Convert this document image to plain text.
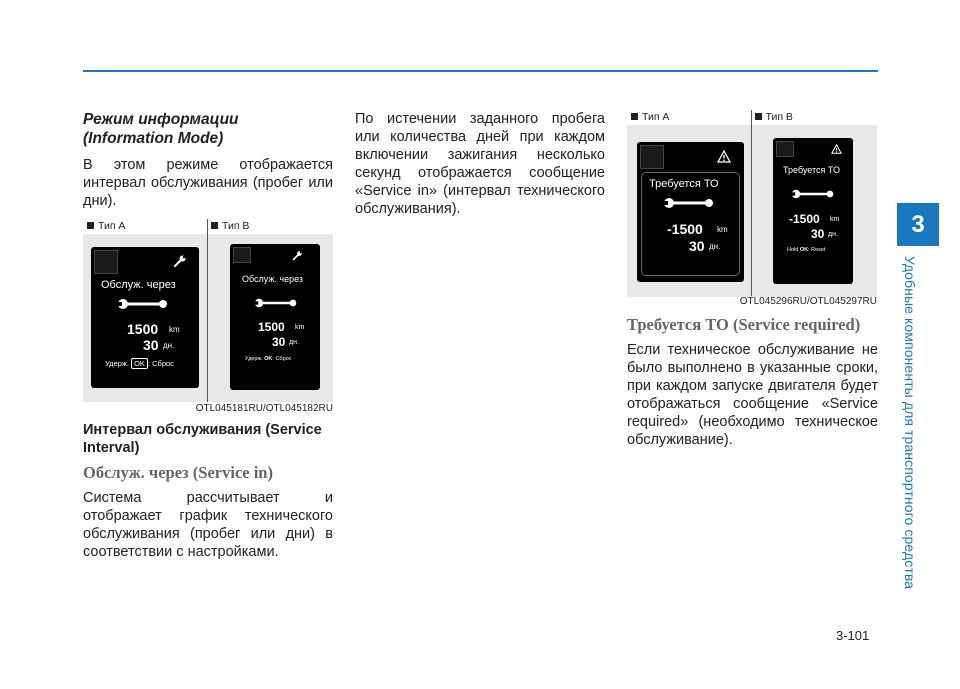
3
Удобные компоненты для транспортного средства
Режим информации (Information Mode)

В этом режиме отображается интервал обслуживания (пробег или дни).

Тип A	Тип B
Обслуж. через
1500 km
30 дн.
Удерж. OK : Сброс
Обслуж. через
1500 km
30 дн.
Удерж. OK: Сброс
OTL045181RU/OTL045182RU
Интервал обслуживания (Service Interval)
Обслуж. через (Service in)

Система рассчитывает и отображает график технического обслуживания (пробег или дни) в соответствии с настройками.

По истечении заданного пробега или количества дней при каждом включении зажигания несколько секунд отображается сообщение «Service in» (интервал технического обслуживания).

Тип A	Тип B
Требуется ТО
-1500 km
30 дн.
Требуется ТО
-1500 km
30 дн.
Hold OK: Reset
OTL045296RU/OTL045297RU
Требуется ТО (Service required)

Если техническое обслуживание не было выполнено в указанные сроки, при каждом запуске двигателя будет отображаться сообщение «Service required» (необходимо техническое обслуживание).

3-101
